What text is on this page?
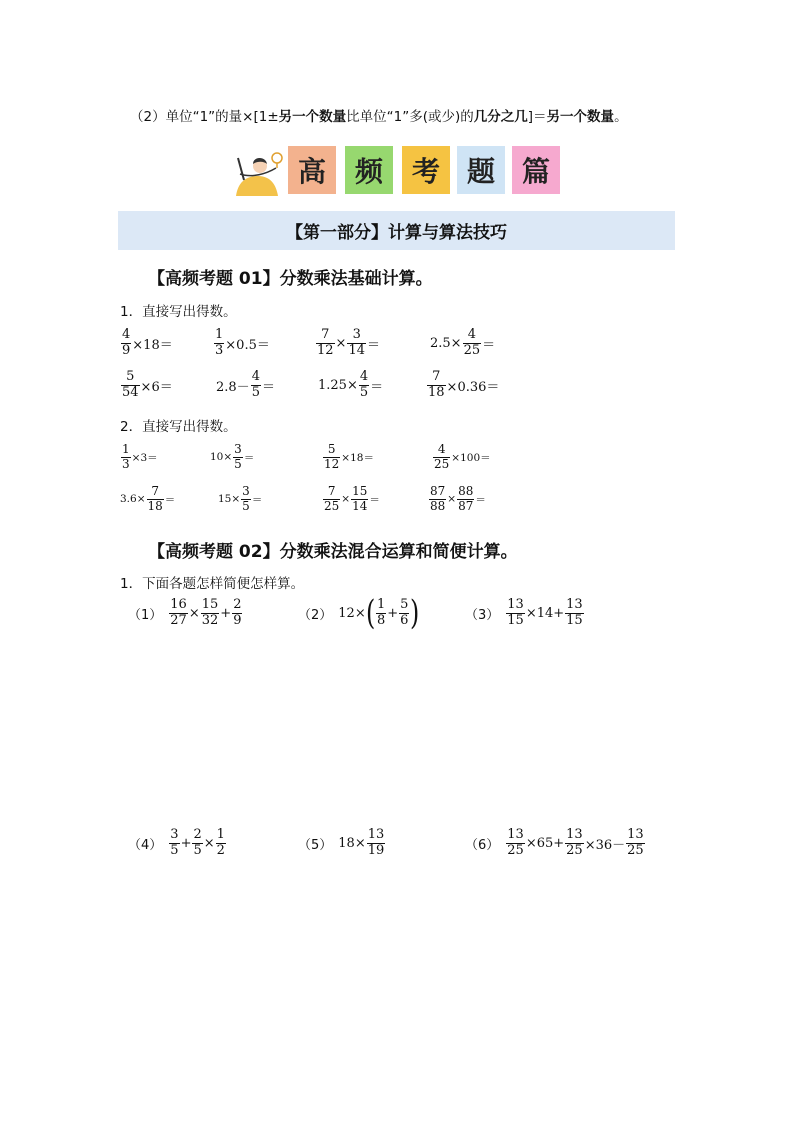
（2）单位“1”的量×[1±另一个数量比单位“1”多(或少)的几分之几]＝另一个数量。
高 频 考 题 篇
【第一部分】计算与算法技巧
【高频考题 01】分数乘法基础计算。
1．直接写出得数。
$\frac{4}{9} \times 18=$	$\frac{1}{3} \times 0.5=$	$\frac{7}{12} \times \frac{3}{14}$ ＝	$2.5\times \frac{4}{25}$ ＝
$\frac{5}{54} \times 6=$	$2.8- \frac{4}{5}$ ＝	$1.25\times \frac{4}{5}$ ＝	$\frac{7}{18} \times 0.36=$
2．直接写出得数。
$\frac{1}{3} \times 3=$	$10\times \frac{3}{5}$ ＝	$\frac{5}{12} \times 18=$	$\frac{4}{25} \times 100=$
$3.6\times \frac{7}{18}$ ＝	$15\times \frac{3}{5}$ ＝	$\frac{7}{25} \times \frac{15}{14}$ ＝	$\frac{87}{88} \times \frac{88}{87}$ ＝
【高频考题 02】分数乘法混合运算和简便计算。
1．下面各题怎样简便怎样算。
$(1) \frac{16}{27} \times \frac{15}{32} + \frac{2}{9}$	（2） 12× ( $\frac{1}{8} + \frac{5}{6}$ )	$(3) \frac{13}{15} \times 14+ \frac{13}{15}$
$(4) \frac{3}{5} + \frac{2}{5} \times \frac{1}{2}$	（5） $18\times \frac{13}{19}$	$(6) \frac{13}{25} \times 65+ \frac{13}{25} \times 36- \frac{13}{25}$
